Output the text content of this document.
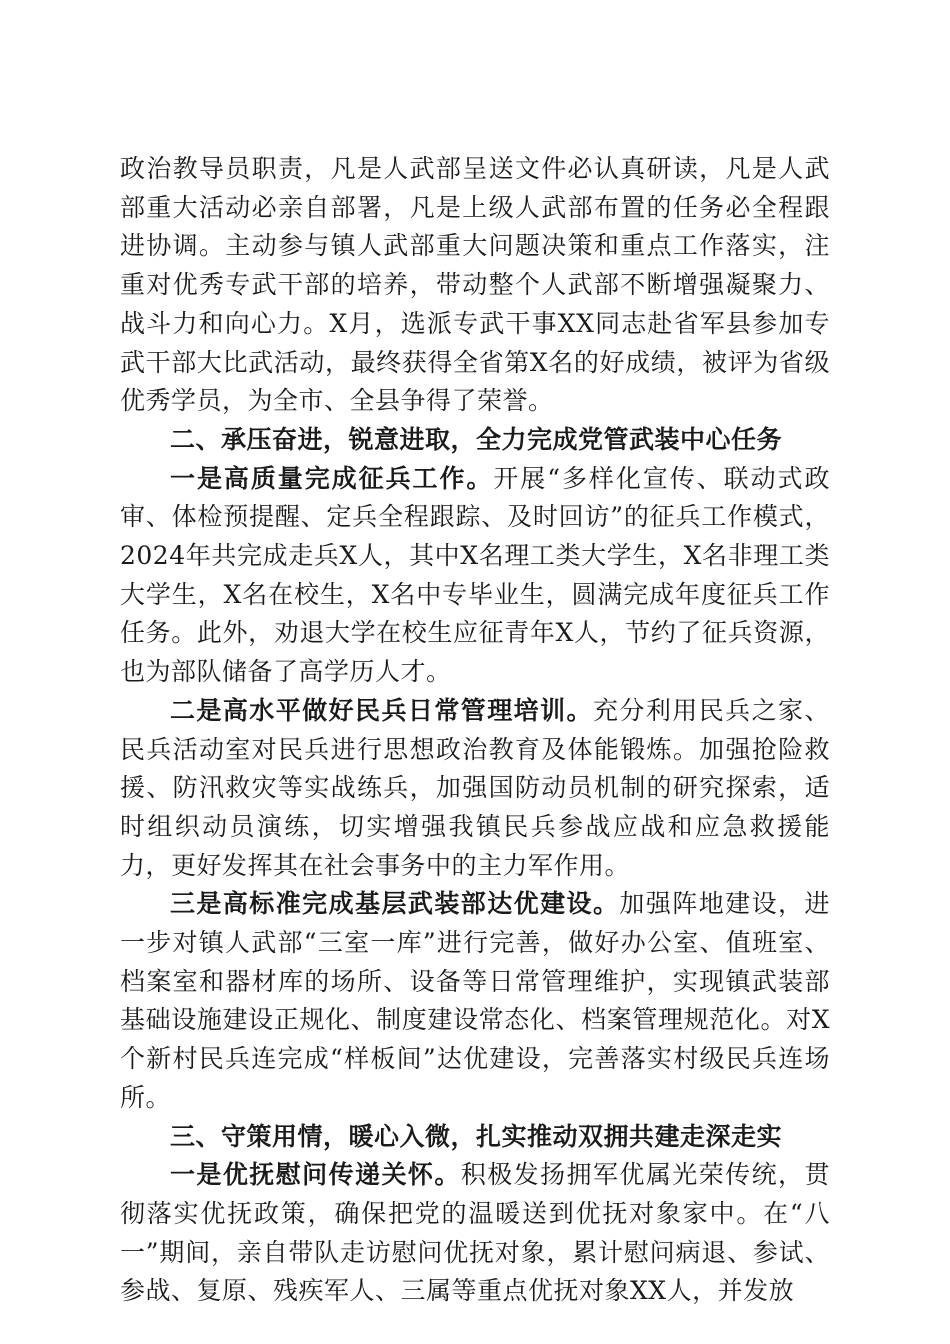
政治教导员职责，凡是人武部呈送文件必认真研读，凡是人武部重大活动必亲自部署，凡是上级人武部布置的任务必全程跟进协调。主动参与镇人武部重大问题决策和重点工作落实，注重对优秀专武干部的培养，带动整个人武部不断增强凝聚力、战斗力和向心力。X月，选派专武干事XX同志赴省军县参加专武干部大比武活动，最终获得全省第X名的好成绩，被评为省级优秀学员，为全市、全县争得了荣誉。

二、承压奋进，锐意进取，全力完成党管武装中心任务

一是高质量完成征兵工作。开展“多样化宣传、联动式政审、体检预提醒、定兵全程跟踪、及时回访”的征兵工作模式，2024年共完成走兵X人，其中X名理工类大学生，X名非理工类大学生，X名在校生，X名中专毕业生，圆满完成年度征兵工作任务。此外，劝退大学在校生应征青年X人，节约了征兵资源，也为部队储备了高学历人才。

二是高水平做好民兵日常管理培训。充分利用民兵之家、民兵活动室对民兵进行思想政治教育及体能锻炼。加强抢险救援、防汛救灾等实战练兵，加强国防动员机制的研究探索，适时组织动员演练，切实增强我镇民兵参战应战和应急救援能力，更好发挥其在社会事务中的主力军作用。

三是高标准完成基层武装部达优建设。加强阵地建设，进一步对镇人武部“三室一库”进行完善，做好办公室、值班室、档案室和器材库的场所、设备等日常管理维护，实现镇武装部基础设施建设正规化、制度建设常态化、档案管理规范化。对X个新村民兵连完成“样板间”达优建设，完善落实村级民兵连场所。

三、守策用情，暖心入微，扎实推动双拥共建走深走实

一是优抚慰问传递关怀。积极发扬拥军优属光荣传统，贯彻落实优抚政策，确保把党的温暖送到优抚对象家中。在“八一”期间，亲自带队走访慰问优抚对象，累计慰问病退、参试、参战、复原、残疾军人、三属等重点优抚对象XX人，并发放
